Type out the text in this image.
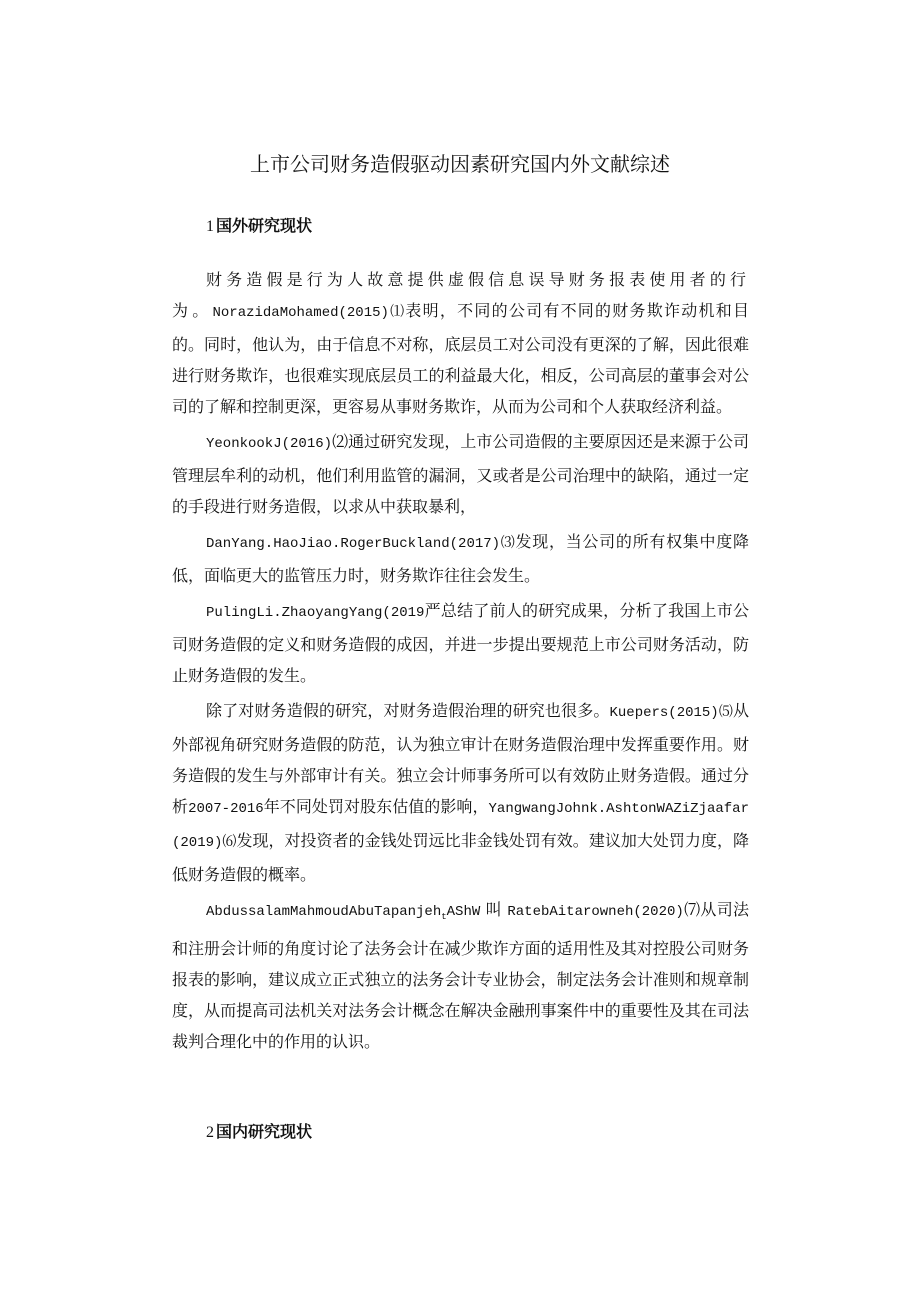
上市公司财务造假驱动因素研究国内外文献综述
1 国外研究现状

财务造假是行为人故意提供虚假信息误导财务报表使用者的行为。NorazidaMohamed(2015)⑴表明，不同的公司有不同的财务欺诈动机和目的。同时，他认为，由于信息不对称，底层员工对公司没有更深的了解，因此很难进行财务欺诈，也很难实现底层员工的利益最大化，相反，公司高层的董事会对公司的了解和控制更深，更容易从事财务欺诈，从而为公司和个人获取经济利益。

YeonkookJ(2016)⑵通过研究发现，上市公司造假的主要原因还是来源于公司管理层牟利的动机，他们利用监管的漏洞，又或者是公司治理中的缺陷，通过一定的手段进行财务造假，以求从中获取暴利，

DanYang.HaoJiao.RogerBuckland(2017)⑶发现，当公司的所有权集中度降低，面临更大的监管压力时，财务欺诈往往会发生。

PulingLi.ZhaoyangYang(2019严总结了前人的研究成果，分析了我国上市公司财务造假的定义和财务造假的成因，并进一步提出要规范上市公司财务活动，防止财务造假的发生。

除了对财务造假的研究，对财务造假治理的研究也很多。Kuepers(2015)⑸从外部视角研究财务造假的防范，认为独立审计在财务造假治理中发挥重要作用。财务造假的发生与外部审计有关。独立会计师事务所可以有效防止财务造假。通过分析2007-2016年不同处罚对股东估值的影响，YangwangJohnk.AshtonWAZiZjaafar(2019)⑹发现，对投资者的金钱处罚远比非金钱处罚有效。建议加大处罚力度，降低财务造假的概率。

AbdussalamMahmoudAbuTapanjeh$_t$AShW 叫 RatebAitarowneh(2020)⑺从司法和注册会计师的角度讨论了法务会计在减少欺诈方面的适用性及其对控股公司财务报表的影响，建议成立正式独立的法务会计专业协会，制定法务会计准则和规章制度，从而提高司法机关对法务会计概念在解决金融刑事案件中的重要性及其在司法裁判合理化中的作用的认识。

2 国内研究现状
